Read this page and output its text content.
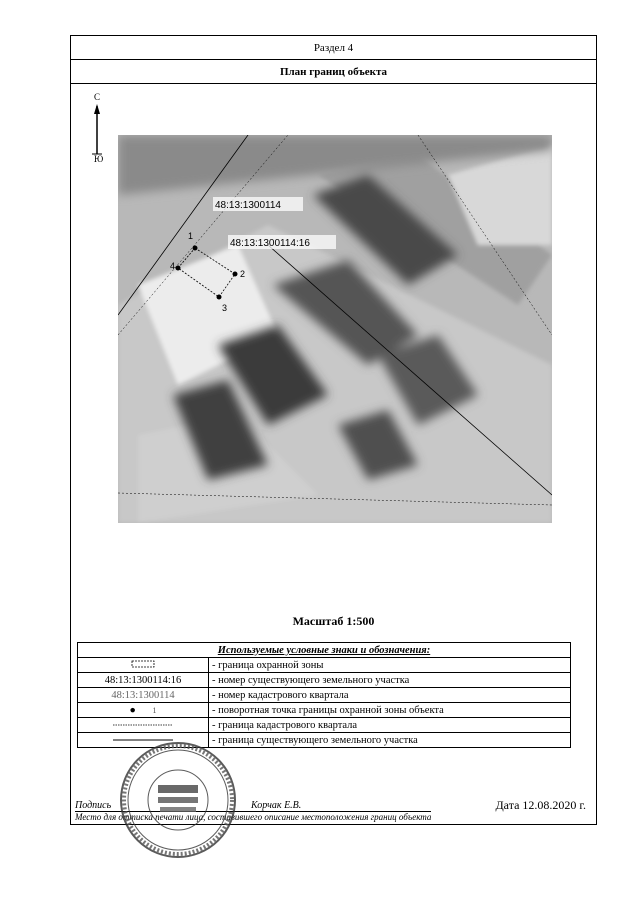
Раздел 4
План границ объекта
С
Ю
1
2
3
4
48:13:1300114:16
48:13:1300114
Масштаб 1:500
Используемые условные знаки и обозначения:	
	- граница охранной зоны
48:13:1300114:16	- номер существующего земельного участка
48:13:1300114	- номер кадастрового квартала
● 1	- поворотная точка границы охранной зоны объекта
	- граница кадастрового квартала
	- граница существующего земельного участка
Подпись	Корчак Е.В.	Дата 12.08.2020 г.
Место для оттиска печати лица, составившего описание местоположения границ объекта
